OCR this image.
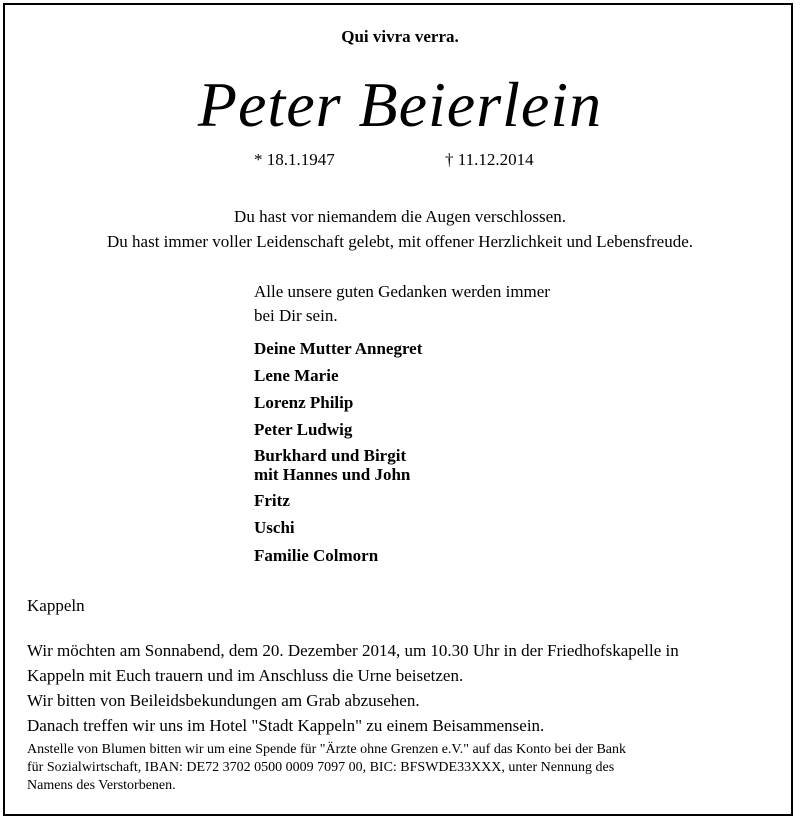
Qui vivra verra.
Peter Beierlein
* 18.1.1947	† 11.12.2014
Du hast vor niemandem die Augen verschlossen.
Du hast immer voller Leidenschaft gelebt, mit offener Herzlichkeit und Lebensfreude.
Alle unsere guten Gedanken werden immer
bei Dir sein.
Deine Mutter Annegret
Lene Marie
Lorenz Philip
Peter Ludwig
Burkhard und Birgit
mit Hannes und John
Fritz
Uschi
Familie Colmorn
Kappeln
Wir möchten am Sonnabend, dem 20. Dezember 2014, um 10.30 Uhr in der Friedhofskapelle in
Kappeln mit Euch trauern und im Anschluss die Urne beisetzen.
Wir bitten von Beileidsbekundungen am Grab abzusehen.
Danach treffen wir uns im Hotel "Stadt Kappeln" zu einem Beisammensein.
Anstelle von Blumen bitten wir um eine Spende für "Ärzte ohne Grenzen e.V." auf das Konto bei der Bank
für Sozialwirtschaft, IBAN: DE72 3702 0500 0009 7097 00, BIC: BFSWDE33XXX, unter Nennung des
Namens des Verstorbenen.
